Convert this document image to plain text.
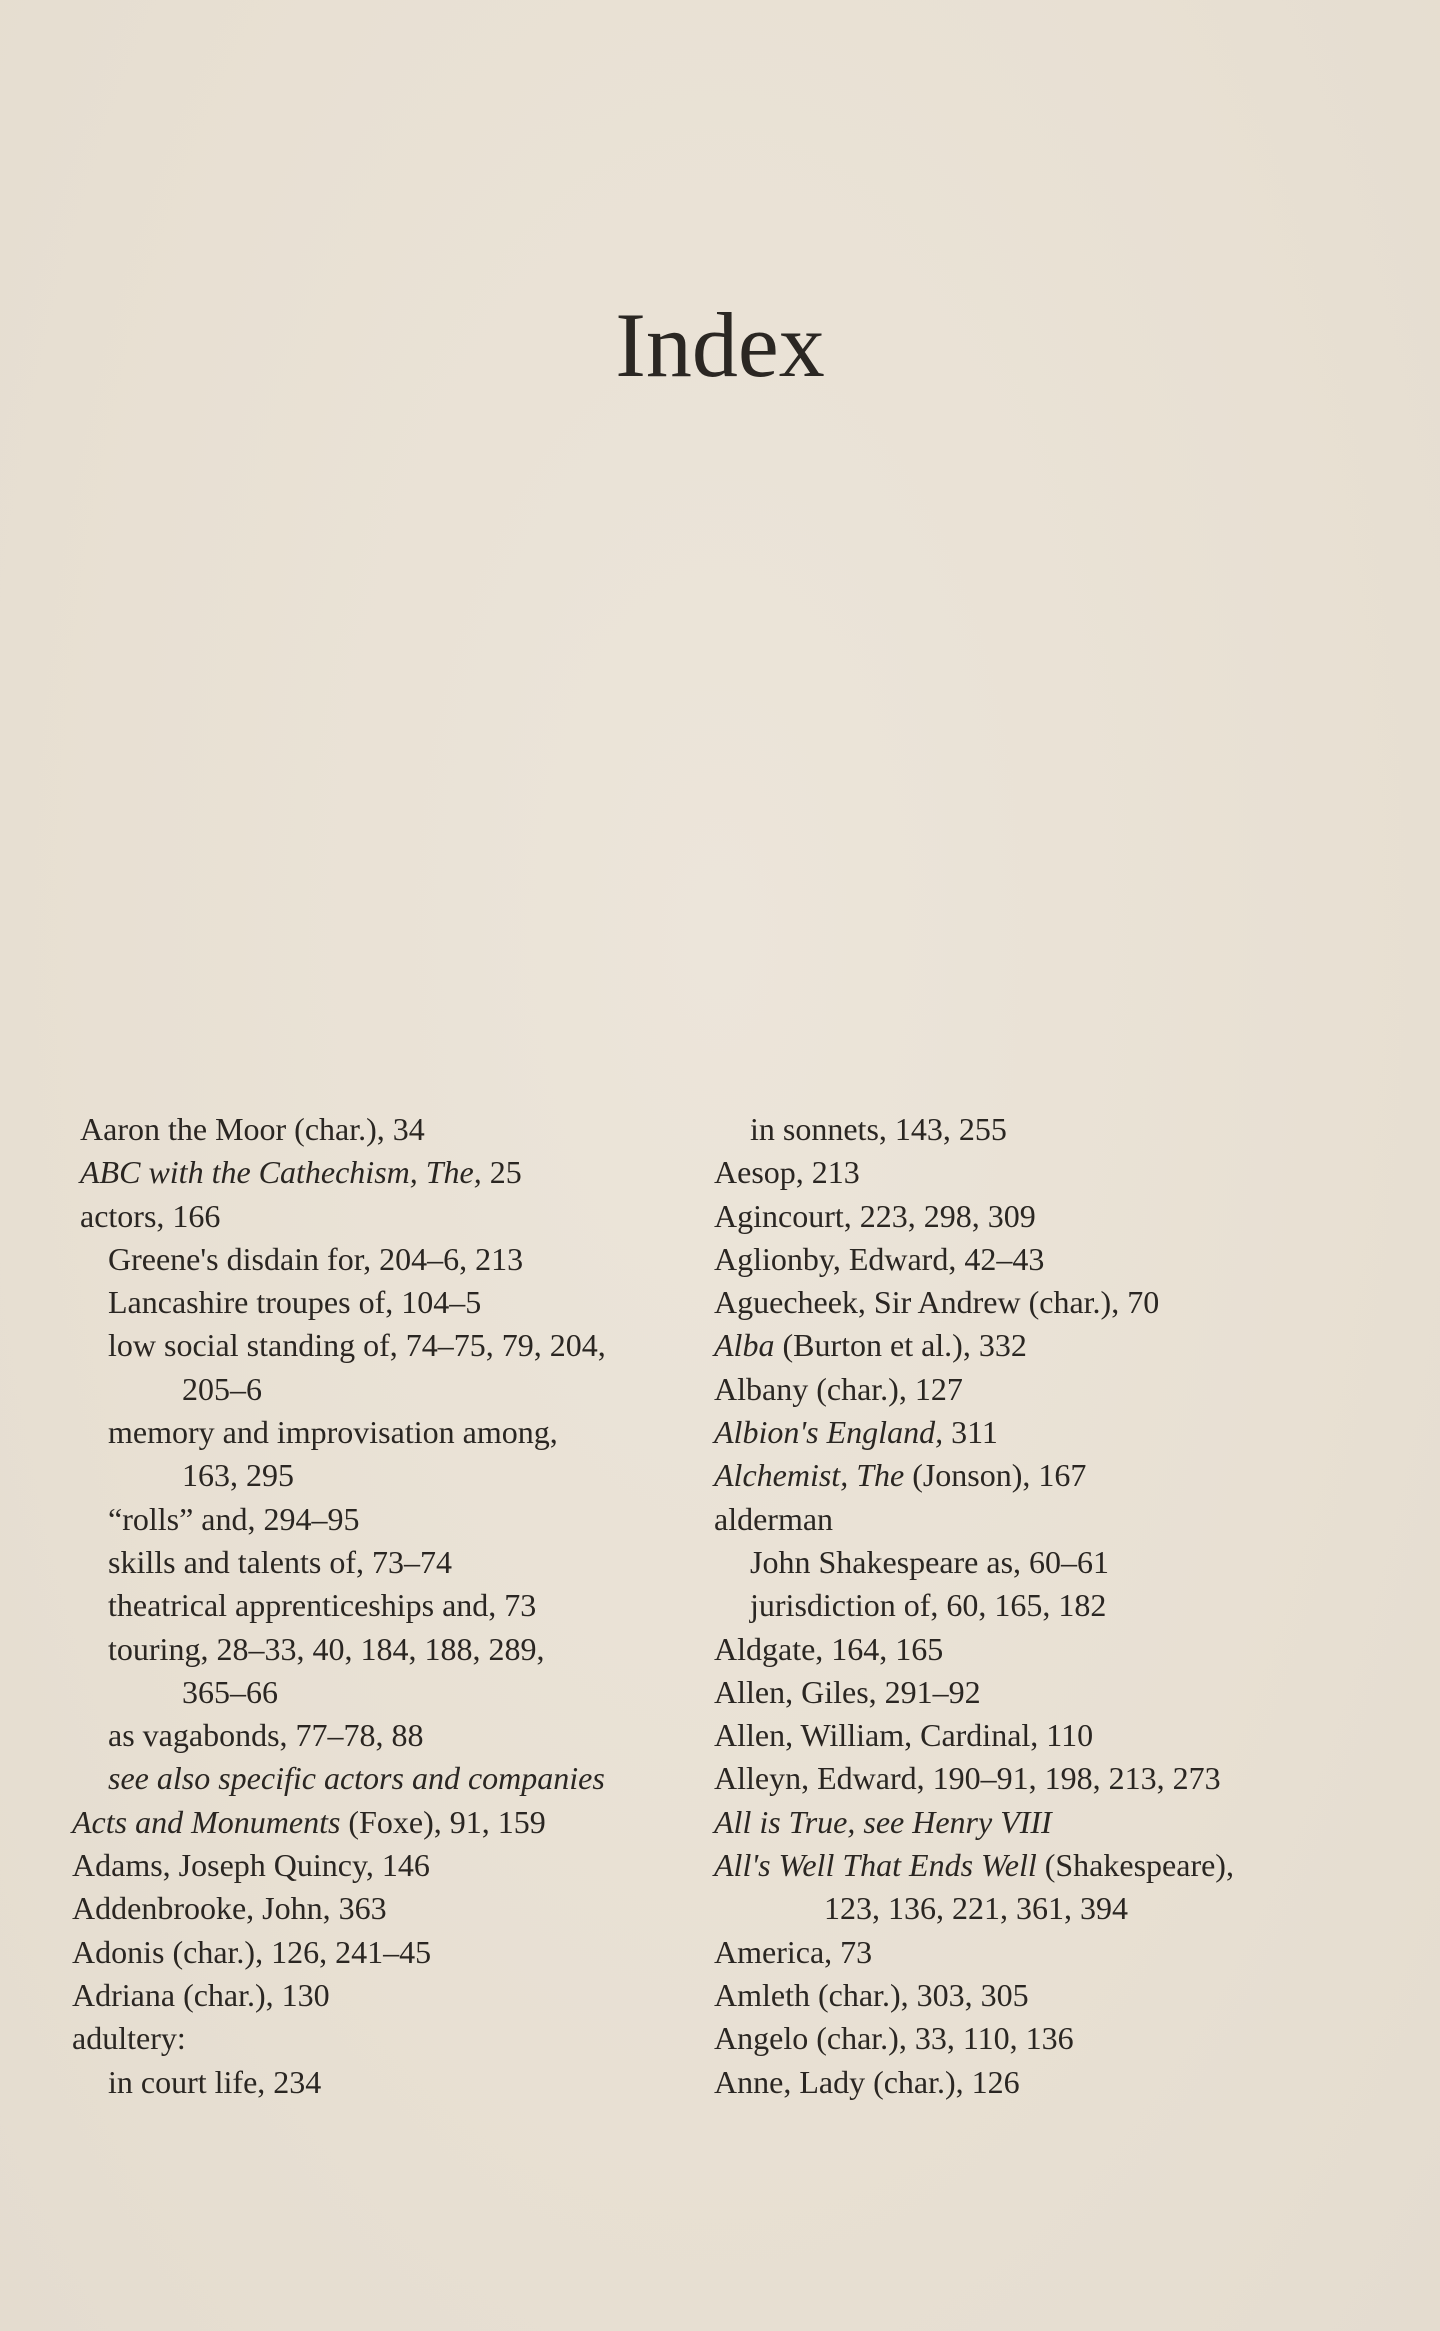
Index
Aaron the Moor (char.), 34
ABC with the Cathechism, The, 25
actors, 166
Greene's disdain for, 204–6, 213
Lancashire troupes of, 104–5
low social standing of, 74–75, 79, 204,
205–6
memory and improvisation among,
163, 295
“rolls” and, 294–95
skills and talents of, 73–74
theatrical apprenticeships and, 73
touring, 28–33, 40, 184, 188, 289,
365–66
as vagabonds, 77–78, 88
see also specific actors and companies
Acts and Monuments (Foxe), 91, 159
Adams, Joseph Quincy, 146
Addenbrooke, John, 363
Adonis (char.), 126, 241–45
Adriana (char.), 130
adultery:
in court life, 234
in sonnets, 143, 255
Aesop, 213
Agincourt, 223, 298, 309
Aglionby, Edward, 42–43
Aguecheek, Sir Andrew (char.), 70
Alba (Burton et al.), 332
Albany (char.), 127
Albion's England, 311
Alchemist, The (Jonson), 167
alderman
John Shakespeare as, 60–61
jurisdiction of, 60, 165, 182
Aldgate, 164, 165
Allen, Giles, 291–92
Allen, William, Cardinal, 110
Alleyn, Edward, 190–91, 198, 213, 273
All is True, see Henry VIII
All's Well That Ends Well (Shakespeare),
123, 136, 221, 361, 394
America, 73
Amleth (char.), 303, 305
Angelo (char.), 33, 110, 136
Anne, Lady (char.), 126
